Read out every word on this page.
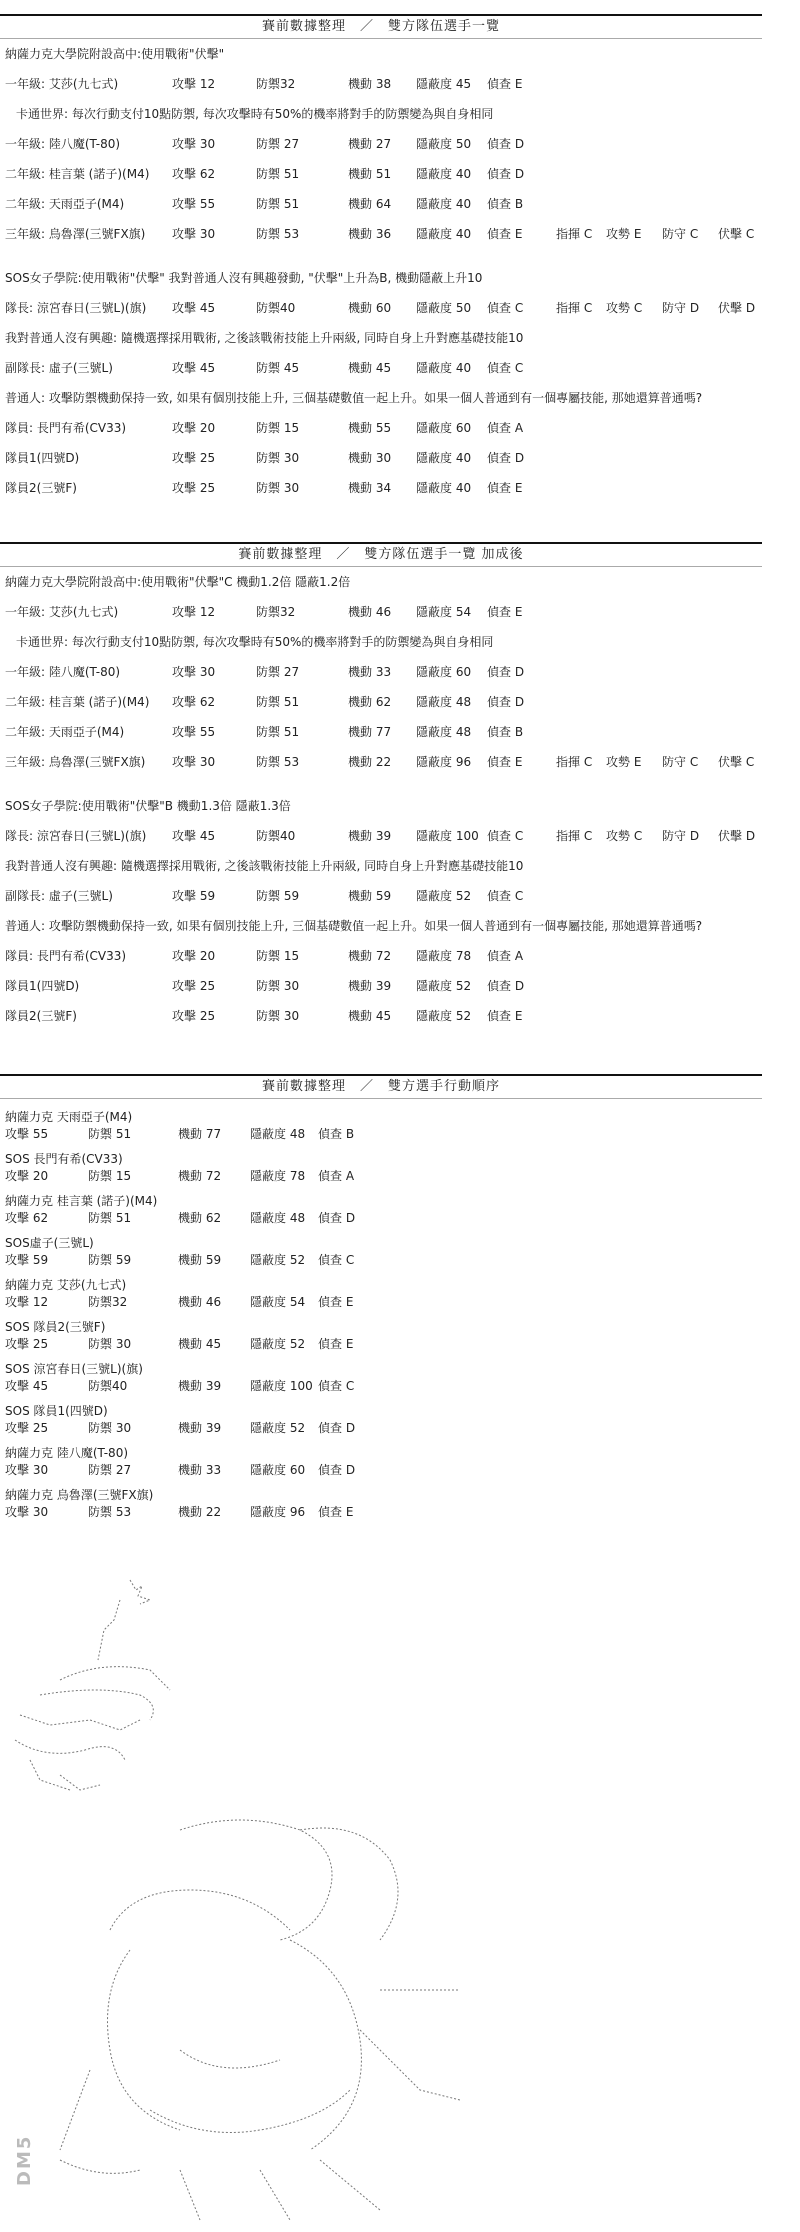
賽前數據整理　／　雙方隊伍選手一覽
納薩力克大學院附設高中:使用戰術"伏擊"
一年級: 艾莎(九七式)	攻擊 12	防禦32	機動 38 隱蔽度 45 偵查 E
卡通世界: 每次行動支付10點防禦, 每次攻擊時有50%的機率將對手的防禦變為與自身相同
一年級: 陸八魔(T-80)	攻擊 30	防禦 27	機動 27 隱蔽度 50 偵查 D
二年級: 桂言葉 (諾子)(M4) 攻擊 62	防禦 51	機動 51 隱蔽度 40 偵查 D
二年級: 天雨亞子(M4)	攻擊 55	防禦 51	機動 64 隱蔽度 40 偵查 B
三年級: 烏魯澤(三號FX旗) 攻擊 30	防禦 53	機動 36 隱蔽度 40 偵查 E	指揮 C 攻勢 E 防守 C 伏擊 C
SOS女子學院:使用戰術"伏擊" 我對普通人沒有興趣發動, "伏擊"上升為B, 機動隱蔽上升10
隊長: 涼宮春日(三號L)(旗) 攻擊 45	防禦40	機動 60 隱蔽度 50 偵查 C	指揮 C 攻勢 C 防守 D 伏擊 D
我對普通人沒有興趣: 隨機選擇採用戰術, 之後該戰術技能上升兩級, 同時自身上升對應基礎技能10
副隊長: 虛子(三號L)	攻擊 45	防禦 45	機動 45 隱蔽度 40 偵查 C
普通人: 攻擊防禦機動保持一致, 如果有個別技能上升, 三個基礎數值一起上升。如果一個人普通到有一個專屬技能, 那她還算普通嗎?
隊員: 長門有希(CV33)	攻擊 20	防禦 15	機動 55 隱蔽度 60 偵查 A
隊員1(四號D)	攻擊 25	防禦 30	機動 30 隱蔽度 40 偵查 D
隊員2(三號F)	攻擊 25	防禦 30	機動 34 隱蔽度 40 偵查 E
賽前數據整理　／　雙方隊伍選手一覽 加成後
納薩力克大學院附設高中:使用戰術"伏擊"C 機動1.2倍 隱蔽1.2倍
一年級: 艾莎(九七式)	攻擊 12	防禦32	機動 46 隱蔽度 54 偵查 E
卡通世界: 每次行動支付10點防禦, 每次攻擊時有50%的機率將對手的防禦變為與自身相同
一年級: 陸八魔(T-80)	攻擊 30	防禦 27	機動 33 隱蔽度 60 偵查 D
二年級: 桂言葉 (諾子)(M4) 攻擊 62	防禦 51	機動 62 隱蔽度 48 偵查 D
二年級: 天雨亞子(M4)	攻擊 55	防禦 51	機動 77 隱蔽度 48 偵查 B
三年級: 烏魯澤(三號FX旗) 攻擊 30	防禦 53	機動 22 隱蔽度 96 偵查 E	指揮 C 攻勢 E 防守 C 伏擊 C
SOS女子學院:使用戰術"伏擊"B 機動1.3倍 隱蔽1.3倍
隊長: 涼宮春日(三號L)(旗) 攻擊 45	防禦40	機動 39 隱蔽度 100 偵查 C	指揮 C 攻勢 C 防守 D 伏擊 D
我對普通人沒有興趣: 隨機選擇採用戰術, 之後該戰術技能上升兩級, 同時自身上升對應基礎技能10
副隊長: 虛子(三號L)	攻擊 59	防禦 59	機動 59 隱蔽度 52 偵查 C
普通人: 攻擊防禦機動保持一致, 如果有個別技能上升, 三個基礎數值一起上升。如果一個人普通到有一個專屬技能, 那她還算普通嗎?
隊員: 長門有希(CV33)	攻擊 20	防禦 15	機動 72 隱蔽度 78 偵查 A
隊員1(四號D)	攻擊 25	防禦 30	機動 39 隱蔽度 52 偵查 D
隊員2(三號F)	攻擊 25	防禦 30	機動 45 隱蔽度 52 偵查 E
賽前數據整理　／　雙方選手行動順序
納薩力克 天雨亞子(M4)
攻擊 55	防禦 51	機動 77 隱蔽度 48 偵查 B
SOS 長門有希(CV33)
攻擊 20	防禦 15	機動 72 隱蔽度 78 偵查 A
納薩力克 桂言葉 (諾子)(M4)
攻擊 62	防禦 51	機動 62 隱蔽度 48 偵查 D
SOS虛子(三號L)
攻擊 59	防禦 59	機動 59 隱蔽度 52 偵查 C
納薩力克 艾莎(九七式)
攻擊 12	防禦32	機動 46 隱蔽度 54 偵查 E
SOS 隊員2(三號F)
攻擊 25	防禦 30	機動 45 隱蔽度 52 偵查 E
SOS 涼宮春日(三號L)(旗)
攻擊 45	防禦40	機動 39 隱蔽度 100 偵查 C
SOS 隊員1(四號D)
攻擊 25	防禦 30	機動 39 隱蔽度 52 偵查 D
納薩力克 陸八魔(T-80)
攻擊 30	防禦 27	機動 33 隱蔽度 60 偵查 D
納薩力克 烏魯澤(三號FX旗)
攻擊 30	防禦 53	機動 22 隱蔽度 96 偵查 E
DM5
